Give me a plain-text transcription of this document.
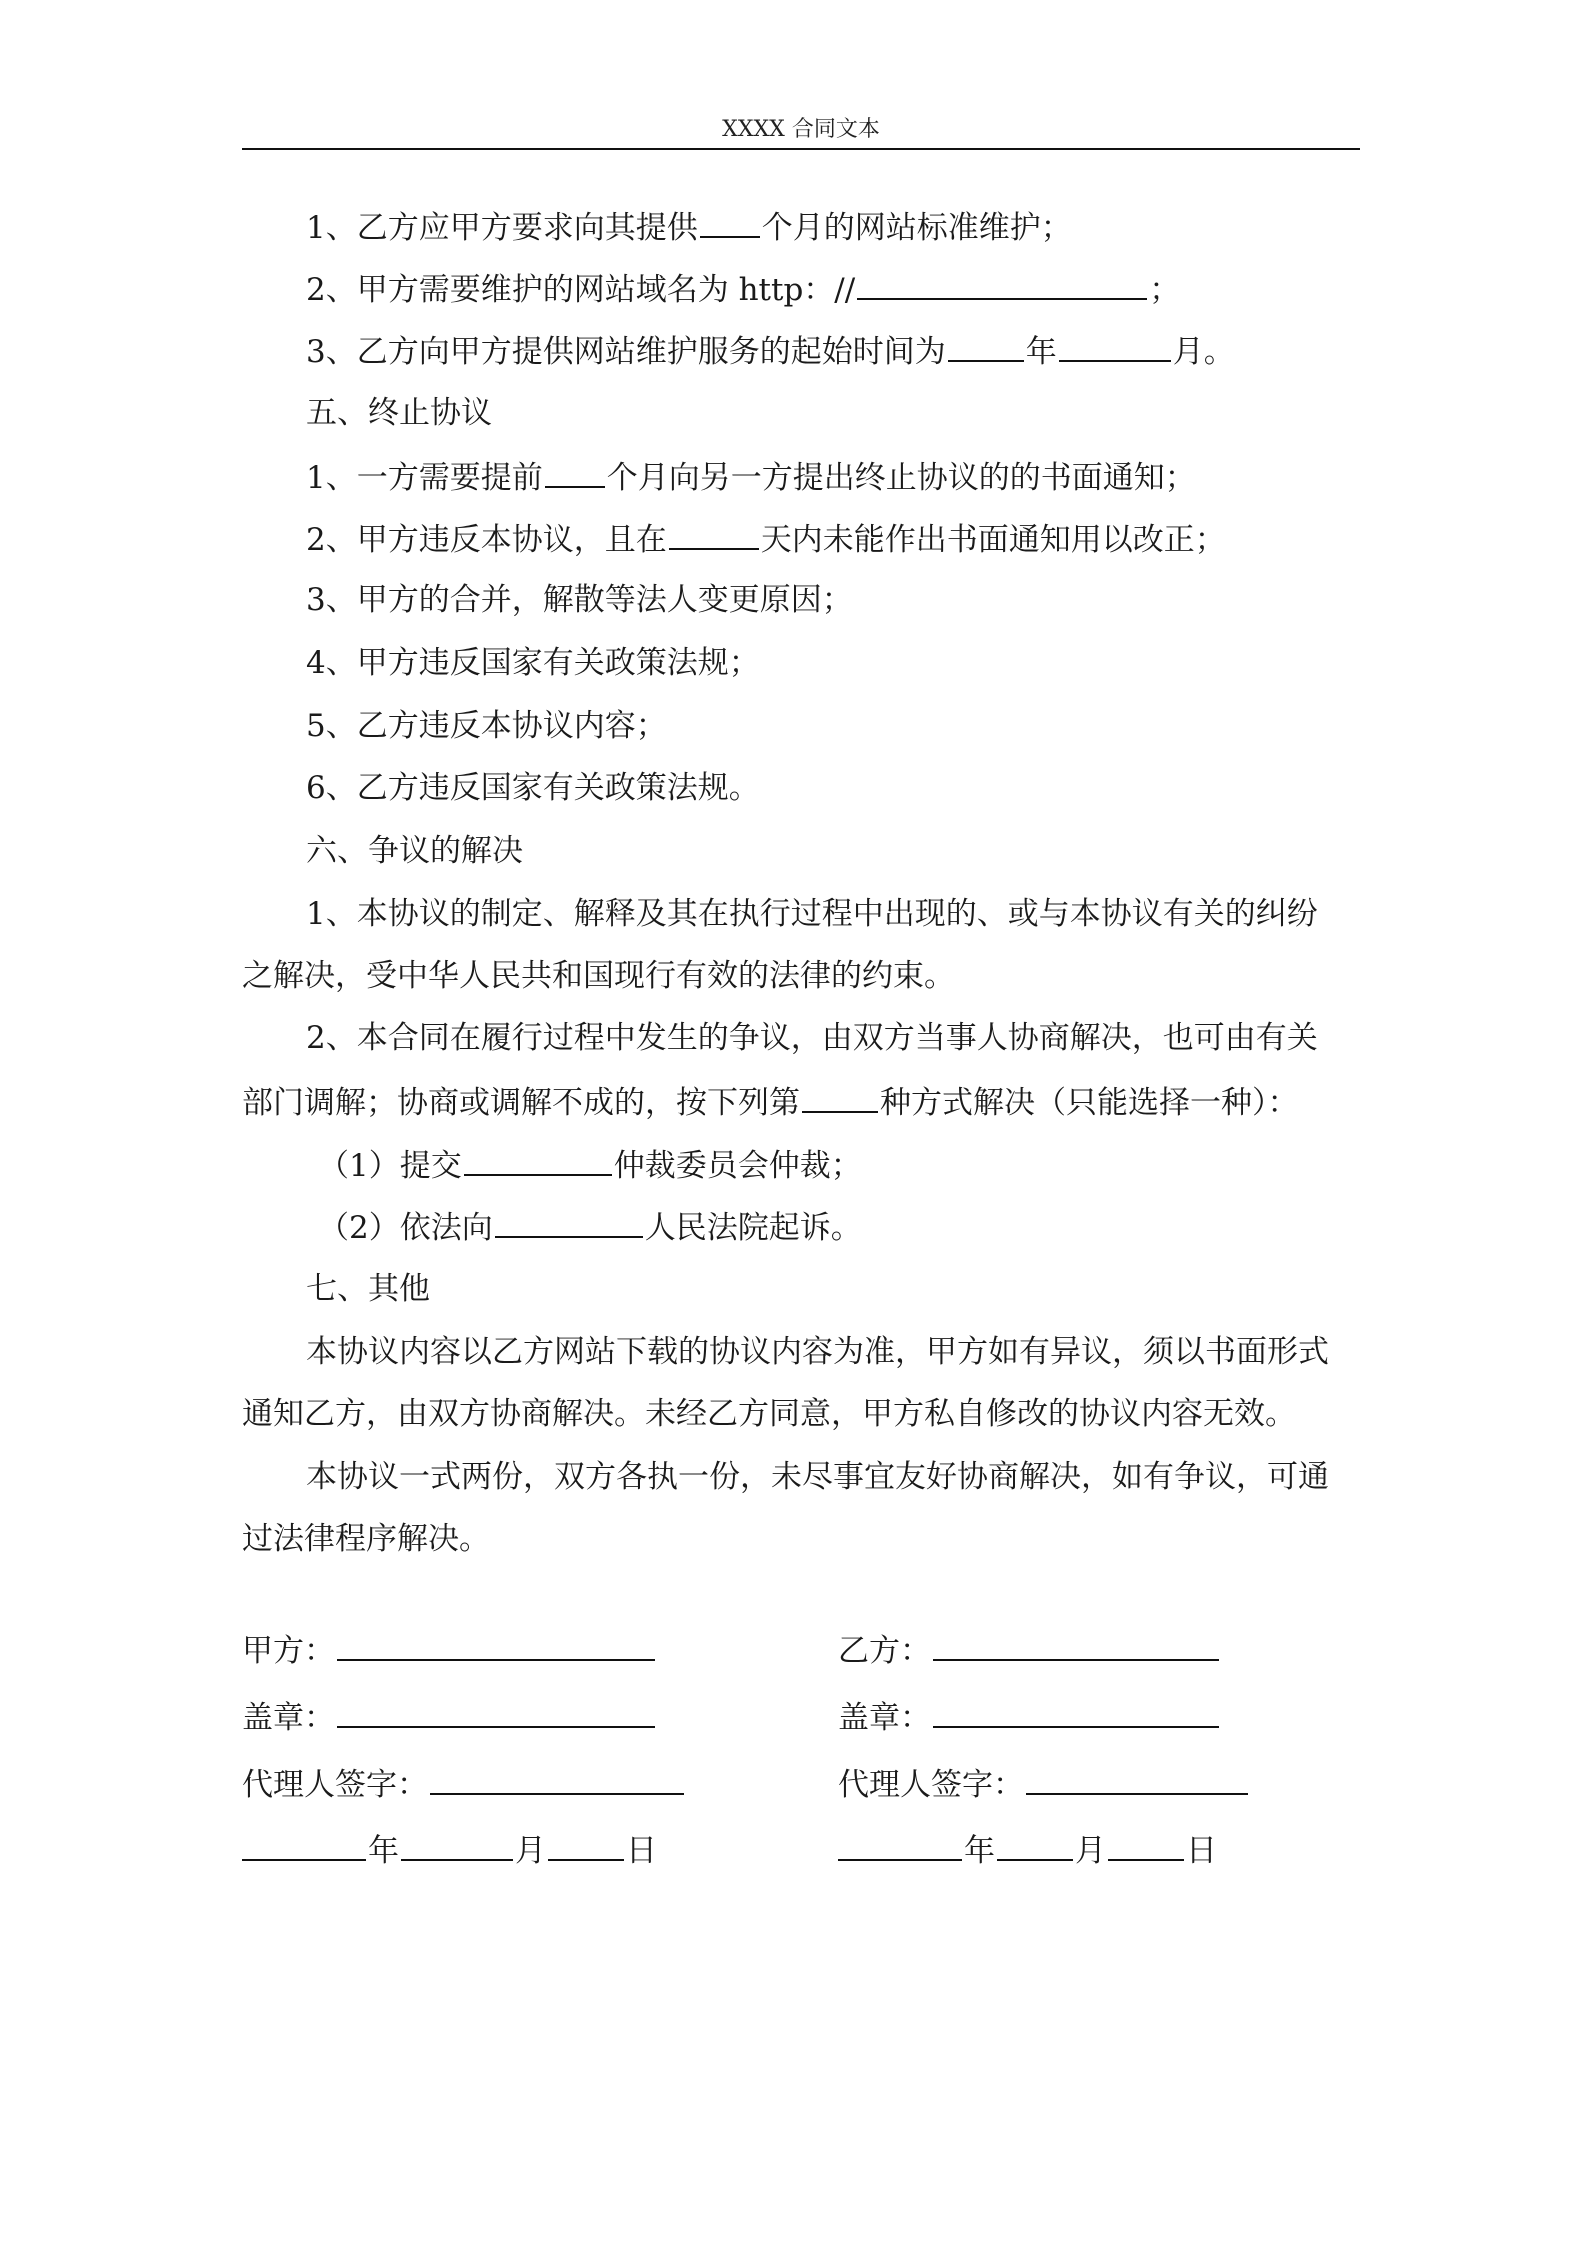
XXXX 合同文本
1、乙方应甲方要求向其提供 个月的网站标准维护；
2、甲方需要维护的网站域名为 http：//	；
3、乙方向甲方提供网站维护服务的起始时间为	年	月。
五、终止协议
1、一方需要提前 个月向另一方提出终止协议的的书面通知；
2、甲方违反本协议，且在	天内未能作出书面通知用以改正；
3、甲方的合并，解散等法人变更原因；
4、甲方违反国家有关政策法规；
5、乙方违反本协议内容；
6、乙方违反国家有关政策法规。
六、争议的解决
1、本协议的制定、解释及其在执行过程中出现的、或与本协议有关的纠纷
之解决，受中华人民共和国现行有效的法律的约束。
2、本合同在履行过程中发生的争议，由双方当事人协商解决，也可由有关
部门调解；协商或调解不成的，按下列第	种方式解决（只能选择一种）：
（1）提交	仲裁委员会仲裁；
（2）依法向	人民法院起诉。
七、其他
本协议内容以乙方网站下载的协议内容为准，甲方如有异议，须以书面形式
通知乙方，由双方协商解决。未经乙方同意，甲方私自修改的协议内容无效。
本协议一式两份，双方各执一份，未尽事宜友好协商解决，如有争议，可通
过法律程序解决。
甲方：
盖章：
代理人签字：
年	月	日
乙方：
盖章：
代理人签字：
年	月	日
